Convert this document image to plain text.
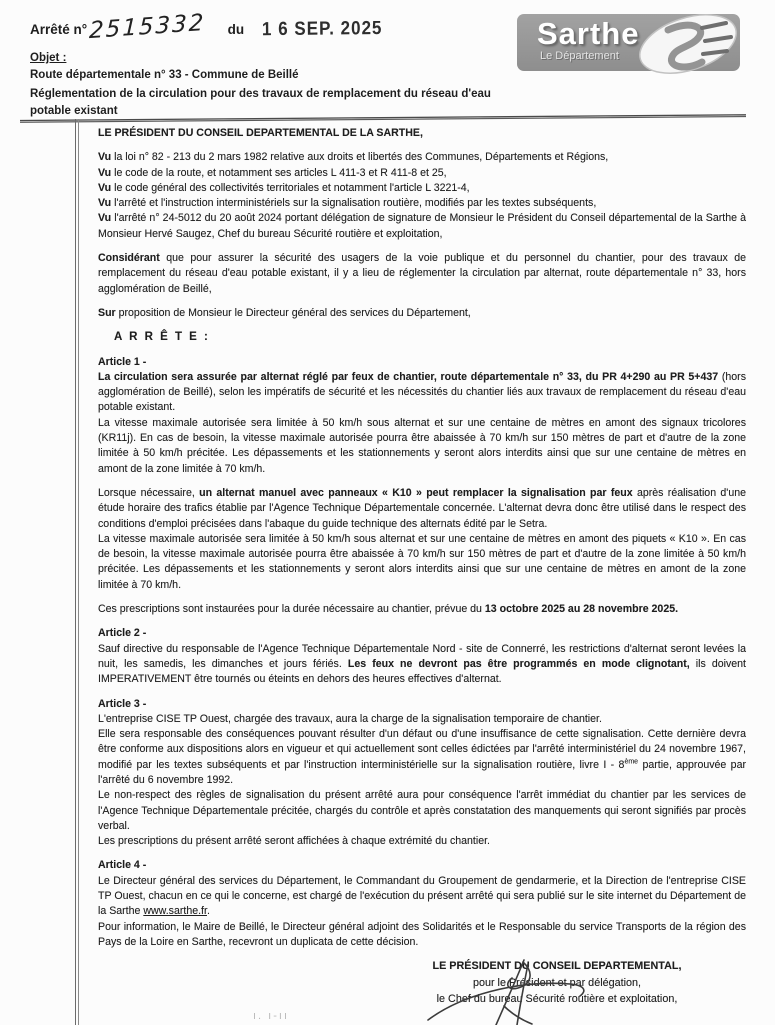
Arrêté n°2515332 du 1 6 SEP. 2025
Objet :
Route départementale n° 33 - Commune de Beillé
Réglementation de la circulation pour des travaux de remplacement du réseau d'eau potable existant
Sarthe
Le Département

LE PRÉSIDENT DU CONSEIL DEPARTEMENTAL DE LA SARTHE,

Vu la loi n° 82 - 213 du 2 mars 1982 relative aux droits et libertés des Communes, Départements et Régions,

Vu le code de la route, et notamment ses articles L 411-3 et R 411-8 et 25,

Vu le code général des collectivités territoriales et notamment l'article L 3221-4,

Vu l'arrêté et l'instruction interministériels sur la signalisation routière, modifiés par les textes subséquents,

Vu l'arrêté n° 24-5012 du 20 août 2024 portant délégation de signature de Monsieur le Président du Conseil départemental de la Sarthe à Monsieur Hervé Saugez, Chef du bureau Sécurité routière et exploitation,

Considérant que pour assurer la sécurité des usagers de la voie publique et du personnel du chantier, pour des travaux de remplacement du réseau d'eau potable existant, il y a lieu de réglementer la circulation par alternat, route départementale n° 33, hors agglomération de Beillé,

Sur proposition de Monsieur le Directeur général des services du Département,

A R R Ê T E :

Article 1 -

La circulation sera assurée par alternat réglé par feux de chantier, route départementale n° 33, du PR 4+290 au PR 5+437 (hors agglomération de Beillé), selon les impératifs de sécurité et les nécessités du chantier liés aux travaux de remplacement du réseau d'eau potable existant.

La vitesse maximale autorisée sera limitée à 50 km/h sous alternat et sur une centaine de mètres en amont des signaux tricolores (KR11j). En cas de besoin, la vitesse maximale autorisée pourra être abaissée à 70 km/h sur 150 mètres de part et d'autre de la zone limitée à 50 km/h précitée. Les dépassements et les stationnements y seront alors interdits ainsi que sur une centaine de mètres en amont de la zone limitée à 70 km/h.

Lorsque nécessaire, un alternat manuel avec panneaux « K10 » peut remplacer la signalisation par feux après réalisation d'une étude horaire des trafics établie par l'Agence Technique Départementale concernée. L'alternat devra donc être utilisé dans le respect des conditions d'emploi précisées dans l'abaque du guide technique des alternats édité par le Setra.

La vitesse maximale autorisée sera limitée à 50 km/h sous alternat et sur une centaine de mètres en amont des piquets « K10 ». En cas de besoin, la vitesse maximale autorisée pourra être abaissée à 70 km/h sur 150 mètres de part et d'autre de la zone limitée à 50 km/h précitée. Les dépassements et les stationnements y seront alors interdits ainsi que sur une centaine de mètres en amont de la zone limitée à 70 km/h.

Ces prescriptions sont instaurées pour la durée nécessaire au chantier, prévue du 13 octobre 2025 au 28 novembre 2025.

Article 2 -

Sauf directive du responsable de l'Agence Technique Départementale Nord - site de Connerré, les restrictions d'alternat seront levées la nuit, les samedis, les dimanches et jours fériés. Les feux ne devront pas être programmés en mode clignotant, ils doivent IMPERATIVEMENT être tournés ou éteints en dehors des heures effectives d'alternat.

Article 3 -

L'entreprise CISE TP Ouest, chargée des travaux, aura la charge de la signalisation temporaire de chantier.

Elle sera responsable des conséquences pouvant résulter d'un défaut ou d'une insuffisance de cette signalisation. Cette dernière devra être conforme aux dispositions alors en vigueur et qui actuellement sont celles édictées par l'arrêté interministériel du 24 novembre 1967, modifié par les textes subséquents et par l'instruction interministérielle sur la signalisation routière, livre I - 8ème partie, approuvée par l'arrêté du 6 novembre 1992.

Le non-respect des règles de signalisation du présent arrêté aura pour conséquence l'arrêt immédiat du chantier par les services de l'Agence Technique Départementale précitée, chargés du contrôle et après constatation des manquements qui seront signifiés par procès verbal.

Les prescriptions du présent arrêté seront affichées à chaque extrémité du chantier.

Article 4 -

Le Directeur général des services du Département, le Commandant du Groupement de gendarmerie, et la Direction de l'entreprise CISE TP Ouest, chacun en ce qui le concerne, est chargé de l'exécution du présent arrêté qui sera publié sur le site internet du Département de la Sarthe www.sarthe.fr.

Pour information, le Maire de Beillé, le Directeur général adjoint des Solidarités et le Responsable du service Transports de la région des Pays de la Loire en Sarthe, recevront un duplicata de cette décision.

LE PRÉSIDENT DU CONSEIL DEPARTEMENTAL,
pour le Président et par délégation,
le Chef du bureau Sécurité routière et exploitation,
ı. ı-ıı
